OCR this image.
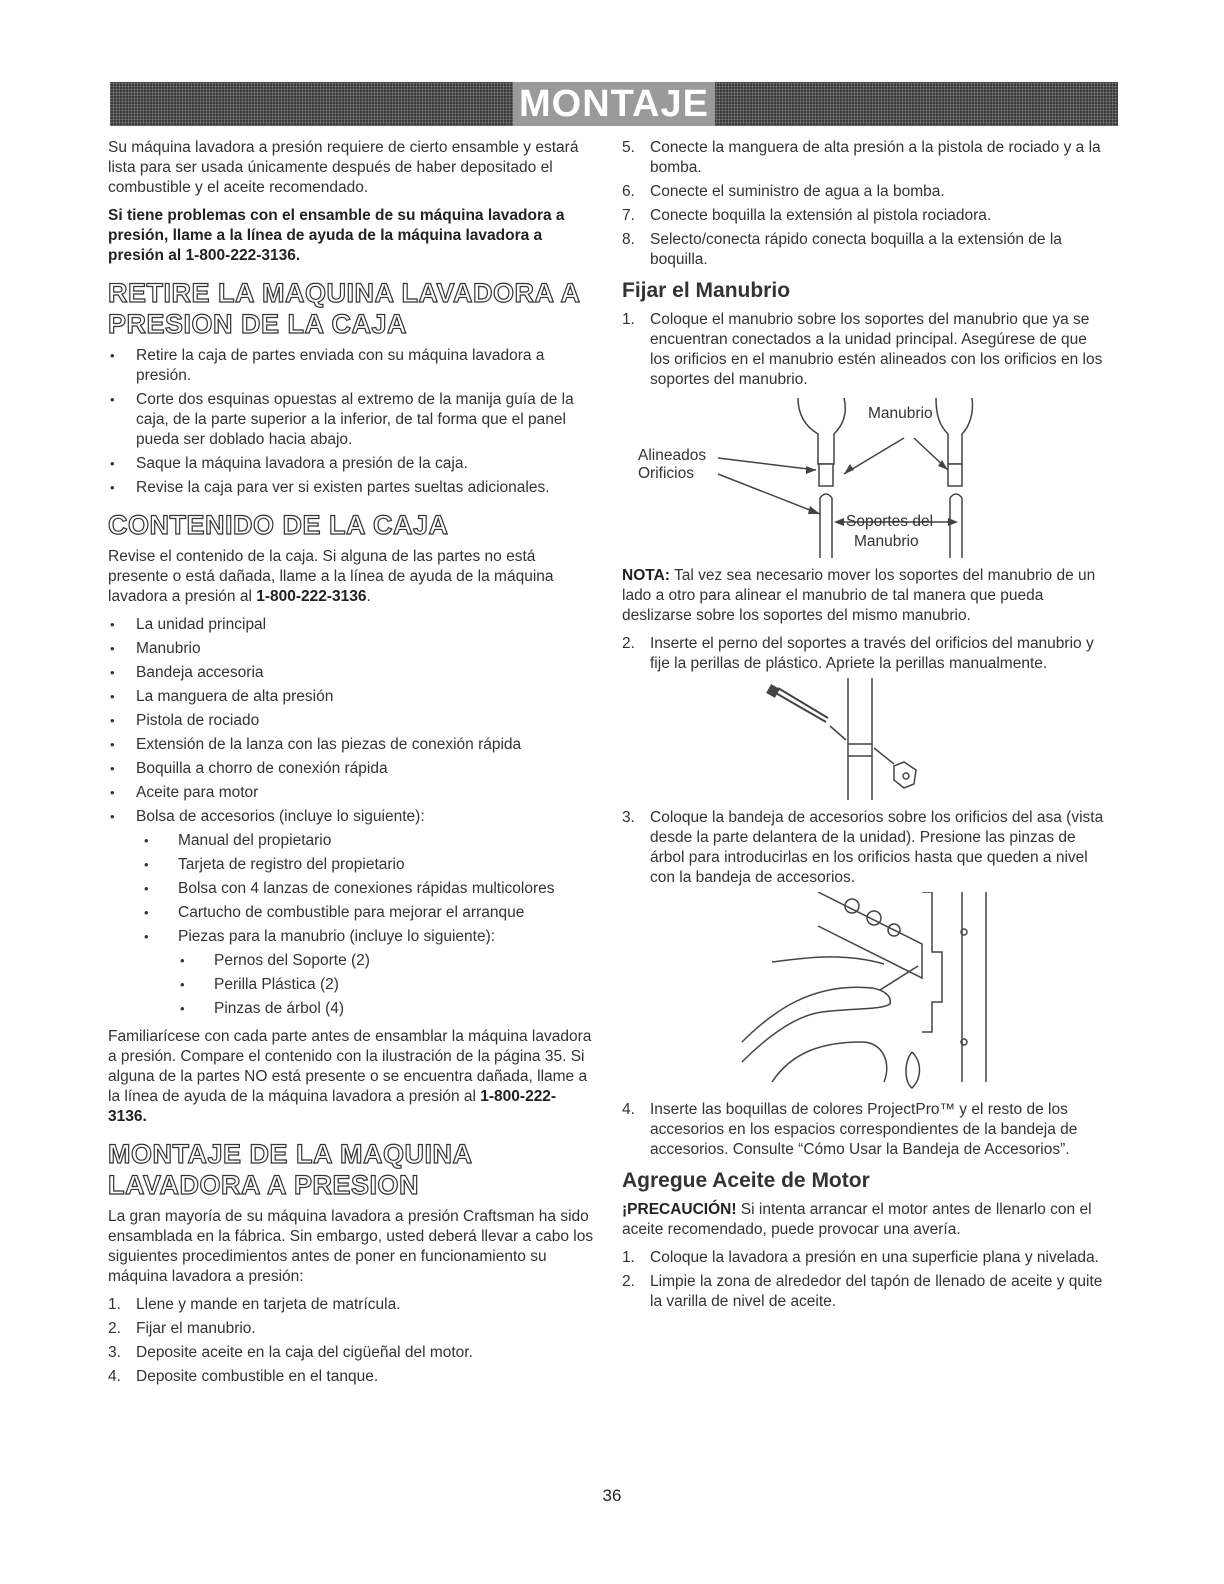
MONTAJE

Su máquina lavadora a presión requiere de cierto ensamble y estará lista para ser usada únicamente después de haber depositado el combustible y el aceite recomendado.

Si tiene problemas con el ensamble de su máquina lavadora a presión, llame a la línea de ayuda de la máquina lavadora a presión al 1-800-222-3136.

RETIRE LA MAQUINA LAVADORA A PRESION DE LA CAJA
• Retire la caja de partes enviada con su máquina lavadora a presión.
• Corte dos esquinas opuestas al extremo de la manija guía de la caja, de la parte superior a la inferior, de tal forma que el panel pueda ser doblado hacia abajo.
• Saque la máquina lavadora a presión de la caja.
• Revise la caja para ver si existen partes sueltas adicionales.
CONTENIDO DE LA CAJA

Revise el contenido de la caja. Si alguna de las partes no está presente o está dañada, llame a la línea de ayuda de la máquina lavadora a presión al 1-800-222-3136.

• La unidad principal
• Manubrio
• Bandeja accesoria
• La manguera de alta presión
• Pistola de rociado
• Extensión de la lanza con las piezas de conexión rápida
• Boquilla a chorro de conexión rápida
• Aceite para motor
• Bolsa de accesorios (incluye lo siguiente):
• Manual del propietario
• Tarjeta de registro del propietario
• Bolsa con 4 lanzas de conexiones rápidas multicolores
• Cartucho de combustible para mejorar el arranque
• Piezas para la manubrio (incluye lo siguiente):
• Pernos del Soporte (2)
• Perilla Plástica (2)
• Pinzas de árbol (4)

Familiarícese con cada parte antes de ensamblar la máquina lavadora a presión. Compare el contenido con la ilustración de la página 35. Si alguna de la partes NO está presente o se encuentra dañada, llame a la línea de ayuda de la máquina lavadora a presión al 1-800-222-3136.

MONTAJE DE LA MAQUINA LAVADORA A PRESION

La gran mayoría de su máquina lavadora a presión Craftsman ha sido ensamblada en la fábrica. Sin embargo, usted deberá llevar a cabo los siguientes procedimientos antes de poner en funcionamiento su máquina lavadora a presión:

1. Llene y mande en tarjeta de matrícula.
2. Fijar el manubrio.
3. Deposite aceite en la caja del cigüeñal del motor.
4. Deposite combustible en el tanque.
5. Conecte la manguera de alta presión a la pistola de rociado y a la bomba.
6. Conecte el suministro de agua a la bomba.
7. Conecte boquilla la extensión al pistola rociadora.
8. Selecto/conecta rápido conecta boquilla a la extensión de la boquilla.
Fijar el Manubrio
1. Coloque el manubrio sobre los soportes del manubrio que ya se encuentran conectados a la unidad principal. Asegúrese de que los orificios en el manubrio estén alineados con los orificios en los soportes del manubrio.
Manubrio
Alineados
Orificios
Soportes del
Manubrio

NOTA: Tal vez sea necesario mover los soportes del manubrio de un lado a otro para alinear el manubrio de tal manera que pueda deslizarse sobre los soportes del mismo manubrio.

2. Inserte el perno del soportes a través del orificios del manubrio y fije la perillas de plástico. Apriete la perillas manualmente.
3. Coloque la bandeja de accesorios sobre los orificios del asa (vista desde la parte delantera de la unidad). Presione las pinzas de árbol para introducirlas en los orificios hasta que queden a nivel con la bandeja de accesorios.
4. Inserte las boquillas de colores ProjectPro™ y el resto de los accesorios en los espacios correspondientes de la bandeja de accesorios. Consulte “Cómo Usar la Bandeja de Accesorios”.
Agregue Aceite de Motor

¡PRECAUCIÓN! Si intenta arrancar el motor antes de llenarlo con el aceite recomendado, puede provocar una avería.

1. Coloque la lavadora a presión en una superficie plana y nivelada.
2. Limpie la zona de alrededor del tapón de llenado de aceite y quite la varilla de nivel de aceite.
36
